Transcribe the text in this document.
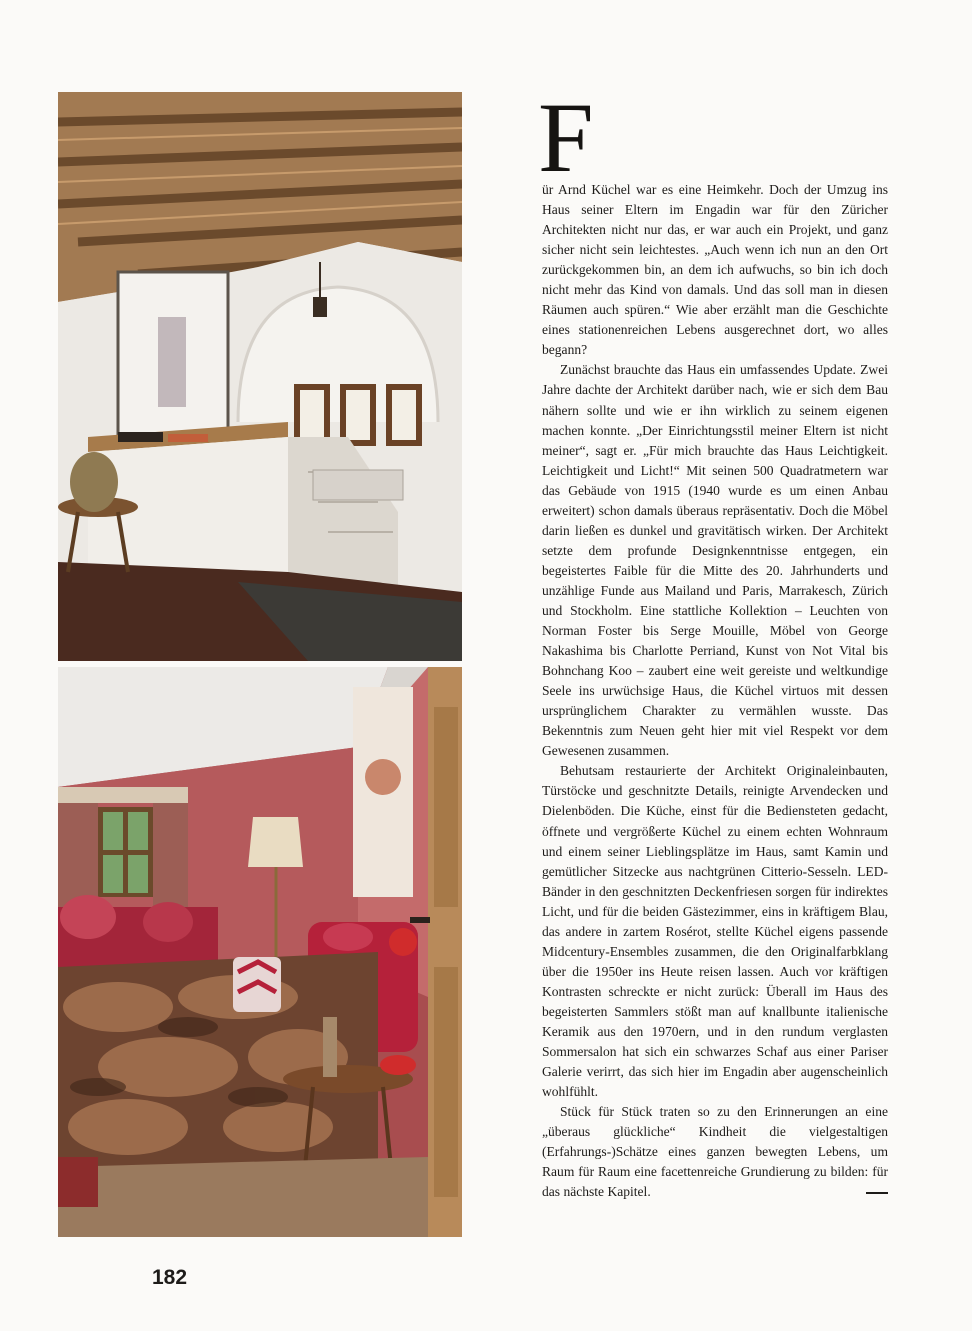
F

ür Arnd Küchel war es eine Heimkehr. Doch der Umzug ins Haus seiner Eltern im Engadin war für den Züricher Architekten nicht nur das, er war auch ein Projekt, und ganz sicher nicht sein leichtestes. „Auch wenn ich nun an den Ort zurückgekommen bin, an dem ich aufwuchs, so bin ich doch nicht mehr das Kind von damals. Und das soll man in diesen Räumen auch spüren.“ Wie aber erzählt man die Geschichte eines stationenreichen Lebens ausgerechnet dort, wo alles begann?

Zunächst brauchte das Haus ein umfassendes Update. Zwei Jahre dachte der Architekt darüber nach, wie er sich dem Bau nähern sollte und wie er ihn wirklich zu seinem eigenen machen konnte. „Der Einrichtungsstil meiner Eltern ist nicht meiner“, sagt er. „Für mich brauchte das Haus Leichtigkeit. Leichtigkeit und Licht!“ Mit seinen 500 Quadratmetern war das Gebäude von 1915 (1940 wurde es um einen Anbau erweitert) schon damals überaus repräsentativ. Doch die Möbel darin ließen es dunkel und gravitätisch wirken. Der Architekt setzte dem profunde Designkenntnisse entgegen, ein begeistertes Faible für die Mitte des 20. Jahrhunderts und unzählige Funde aus Mailand und Paris, Marrakesch, Zürich und Stockholm. Eine stattliche Kollektion – Leuchten von Norman Foster bis Serge Mouille, Möbel von George Nakashima bis Charlotte Perriand, Kunst von Not Vital bis Bohnchang Koo – zaubert eine weit gereiste und weltkundige Seele ins urwüchsige Haus, die Küchel virtuos mit dessen ursprünglichem Charakter zu vermählen wusste. Das Bekenntnis zum Neuen geht hier mit viel Respekt vor dem Gewesenen zusammen.

Behutsam restaurierte der Architekt Originaleinbauten, Türstöcke und geschnitzte Details, reinigte Arvendecken und Dielenböden. Die Küche, einst für die Bediensteten gedacht, öffnete und vergrößerte Küchel zu einem echten Wohnraum und einem seiner Lieblingsplätze im Haus, samt Kamin und gemütlicher Sitzecke aus nachtgrünen Citterio-Sesseln. LED-Bänder in den geschnitzten Deckenfriesen sorgen für indirektes Licht, und für die beiden Gästezimmer, eins in kräftigem Blau, das andere in zartem Rosérot, stellte Küchel eigens passende Midcentury-Ensembles zusammen, die den Originalfarbklang über die 1950er ins Heute reisen lassen. Auch vor kräftigen Kontrasten schreckte er nicht zurück: Überall im Haus des begeisterten Sammlers stößt man auf knallbunte italienische Keramik aus den 1970ern, und in den rundum verglasten Sommersalon hat sich ein schwarzes Schaf aus einer Pariser Galerie verirrt, das sich hier im Engadin aber augenscheinlich wohlfühlt.

Stück für Stück traten so zu den Erinnerungen an eine „überaus glückliche“ Kindheit die vielgestaltigen (Erfahrungs-)Schätze eines ganzen bewegten Lebens, um Raum für Raum eine facettenreiche Grundierung zu bilden: für das nächste Kapitel.

182
